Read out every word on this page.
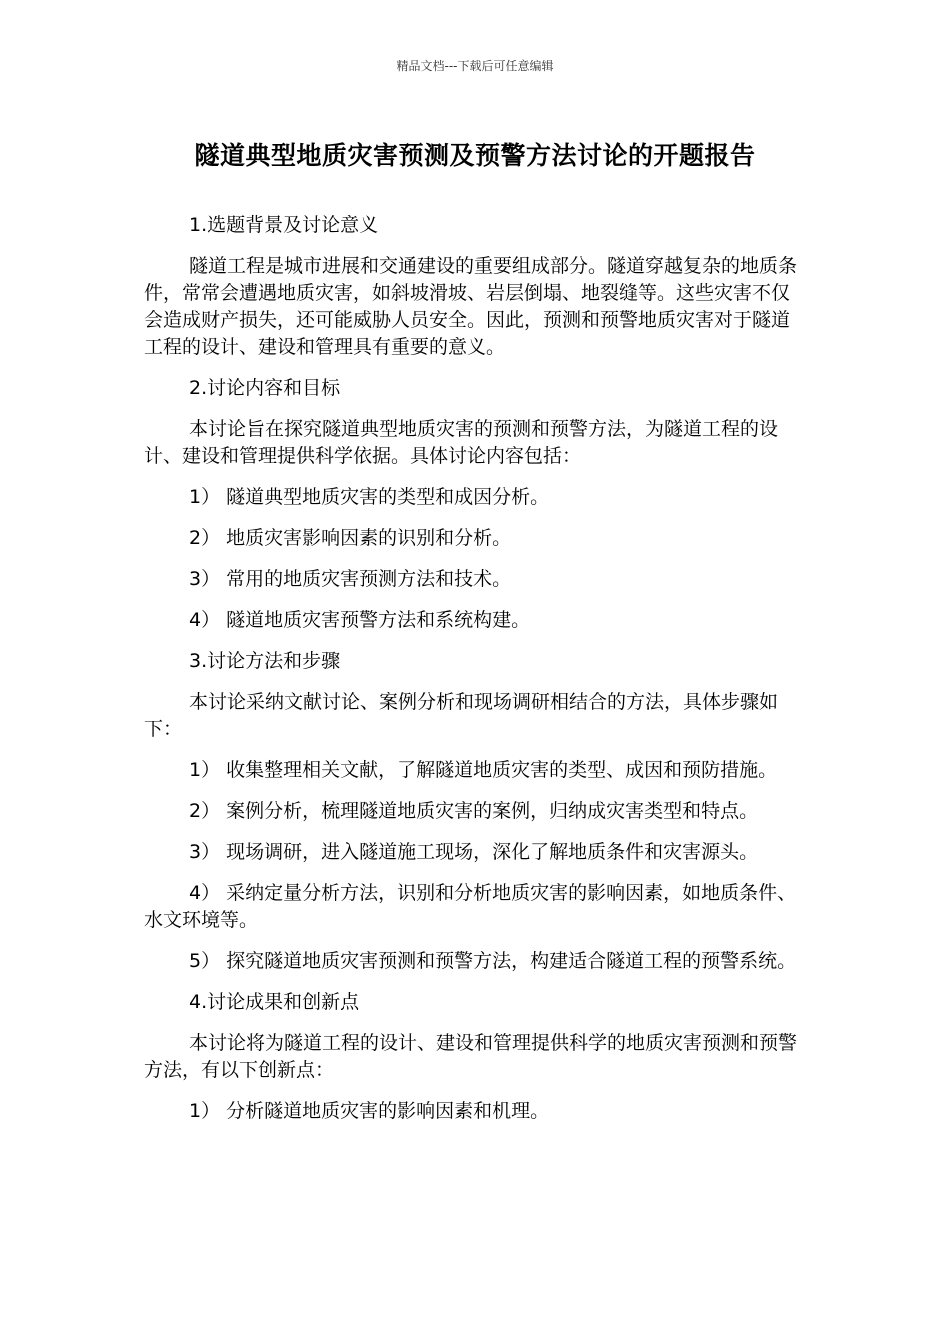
精品文档---下载后可任意编辑
隧道典型地质灾害预测及预警方法讨论的开题报告

1.选题背景及讨论意义

隧道工程是城市进展和交通建设的重要组成部分。隧道穿越复杂的地质条件，常常会遭遇地质灾害，如斜坡滑坡、岩层倒塌、地裂缝等。这些灾害不仅会造成财产损失，还可能威胁人员安全。因此，预测和预警地质灾害对于隧道工程的设计、建设和管理具有重要的意义。

2.讨论内容和目标

本讨论旨在探究隧道典型地质灾害的预测和预警方法，为隧道工程的设计、建设和管理提供科学依据。具体讨论内容包括：

1） 隧道典型地质灾害的类型和成因分析。

2） 地质灾害影响因素的识别和分析。

3） 常用的地质灾害预测方法和技术。

4） 隧道地质灾害预警方法和系统构建。

3.讨论方法和步骤

本讨论采纳文献讨论、案例分析和现场调研相结合的方法，具体步骤如下：

1） 收集整理相关文献，了解隧道地质灾害的类型、成因和预防措施。

2） 案例分析，梳理隧道地质灾害的案例，归纳成灾害类型和特点。

3） 现场调研，进入隧道施工现场，深化了解地质条件和灾害源头。

4） 采纳定量分析方法，识别和分析地质灾害的影响因素，如地质条件、水文环境等。

5） 探究隧道地质灾害预测和预警方法，构建适合隧道工程的预警系统。

4.讨论成果和创新点

本讨论将为隧道工程的设计、建设和管理提供科学的地质灾害预测和预警方法，有以下创新点：

1） 分析隧道地质灾害的影响因素和机理。
